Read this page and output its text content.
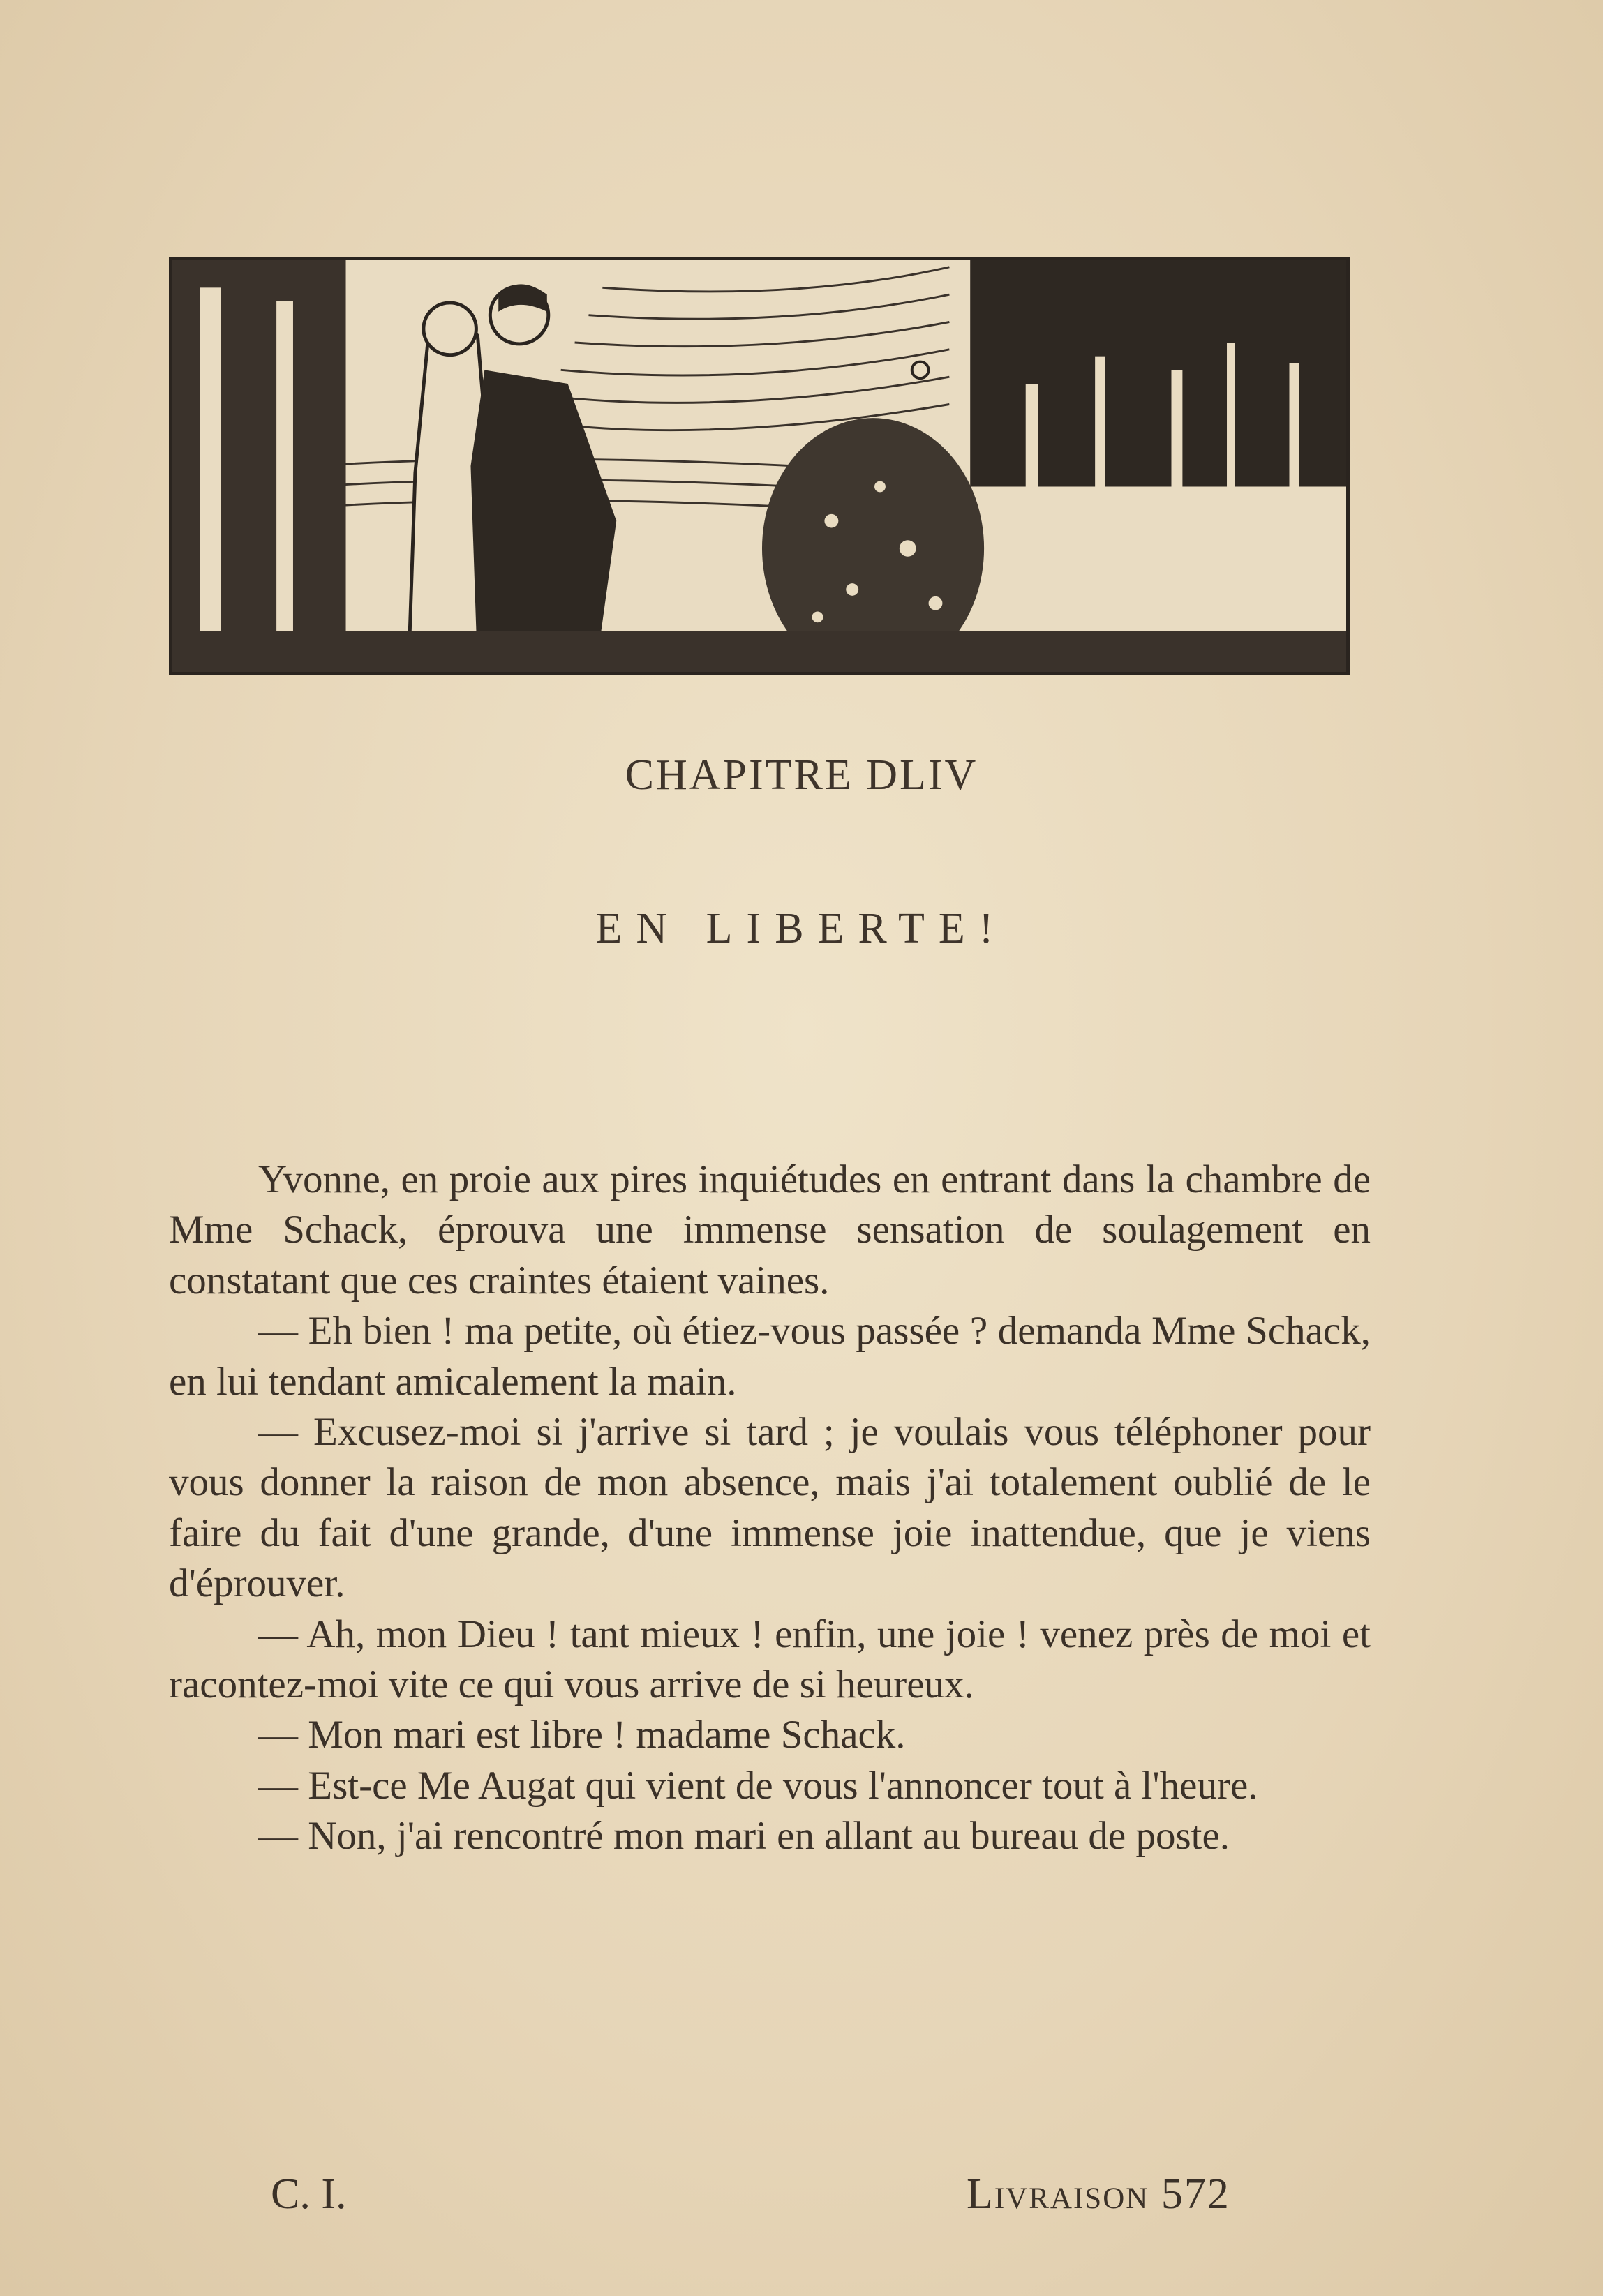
CHAPITRE DLIV
EN LIBERTE!

Yvonne, en proie aux pires inquiétudes en entrant dans la chambre de Mme Schack, éprouva une immense sensation de soulagement en constatant que ces craintes étaient vaines.

— Eh bien ! ma petite, où étiez-vous passée ? demanda Mme Schack, en lui tendant amicalement la main.

— Excusez-moi si j'arrive si tard ; je voulais vous téléphoner pour vous donner la raison de mon absence, mais j'ai totalement oublié de le faire du fait d'une grande, d'une immense joie inattendue, que je viens d'éprouver.

— Ah, mon Dieu ! tant mieux ! enfin, une joie ! venez près de moi et racontez-moi vite ce qui vous arrive de si heureux.

— Mon mari est libre ! madame Schack.

— Est-ce Me Augat qui vient de vous l'annoncer tout à l'heure.

— Non, j'ai rencontré mon mari en allant au bureau de poste.

C. I.	Livraison 572
